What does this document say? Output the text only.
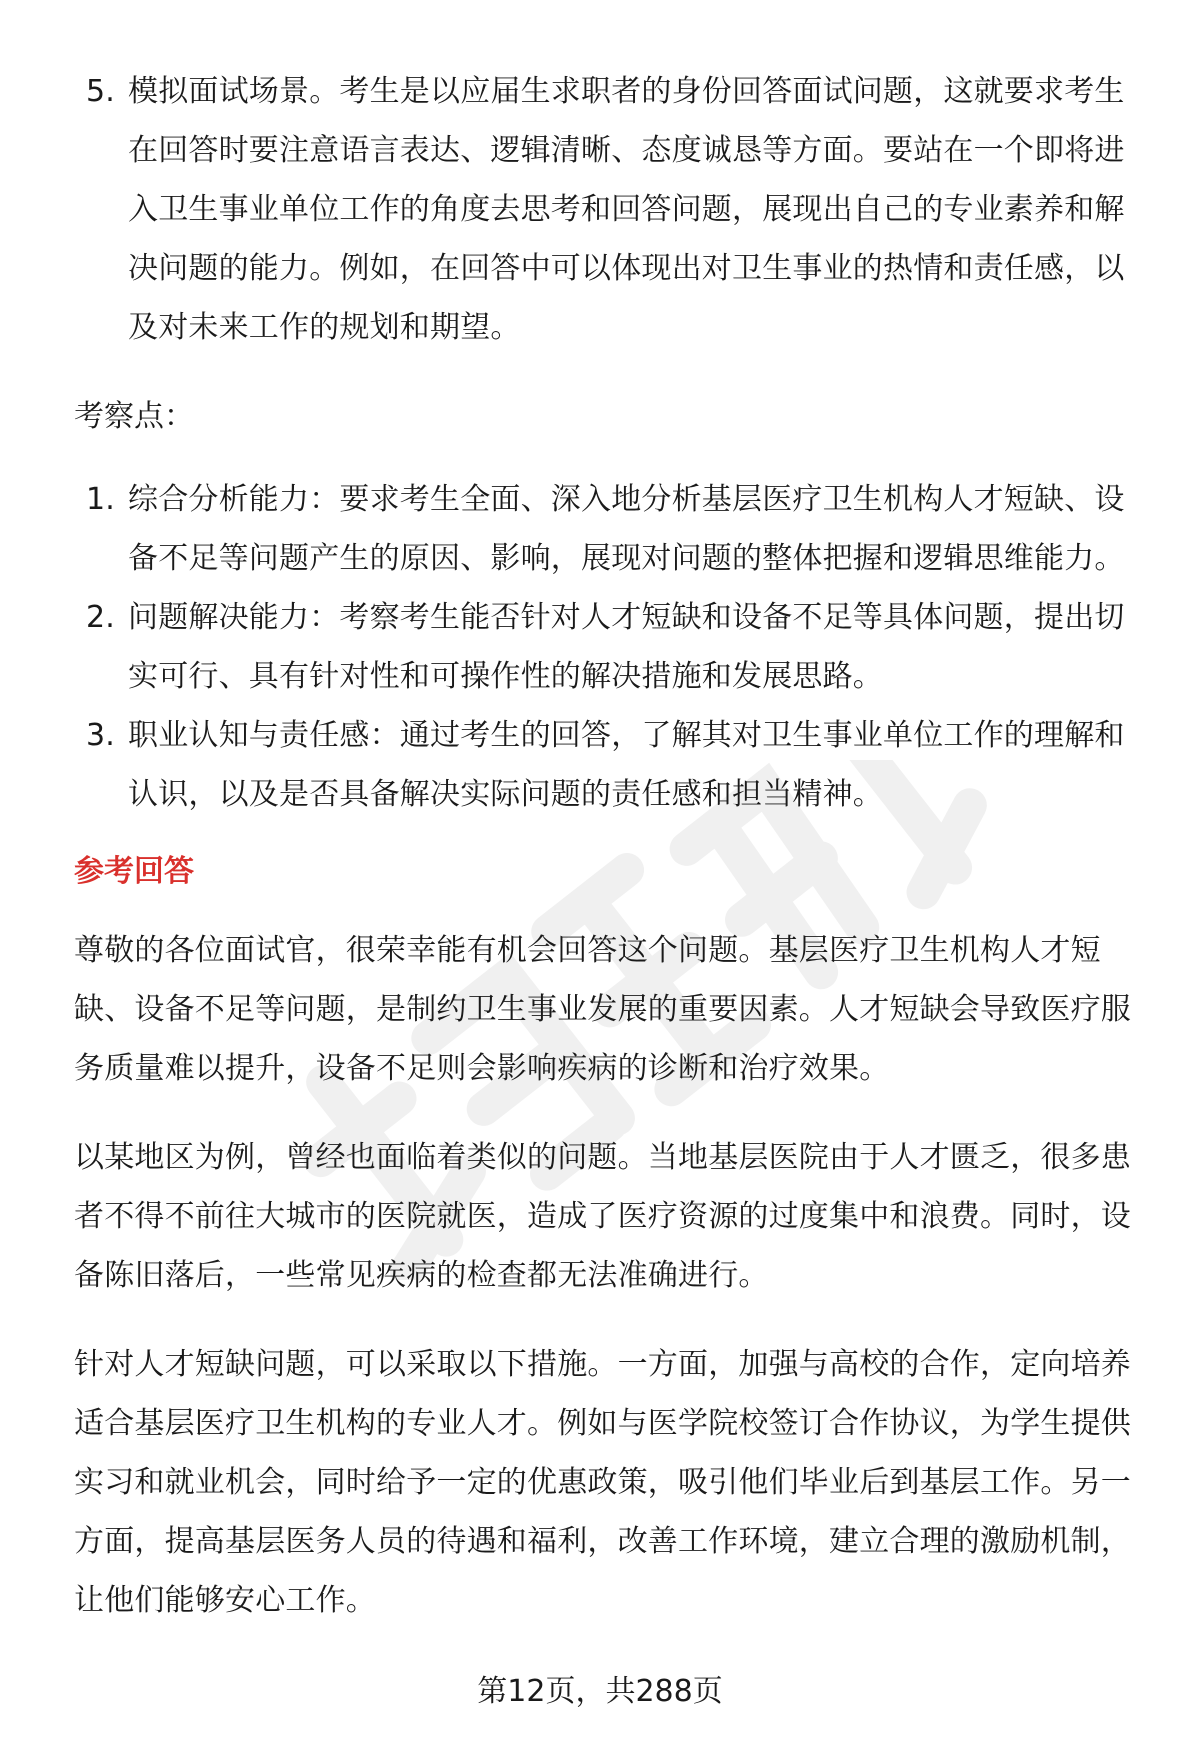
5. 模拟面试场景。考生是以应届生求职者的身份回答面试问题，这就要求考生在回答时要注意语言表达、逻辑清晰、态度诚恳等方面。要站在一个即将进入卫生事业单位工作的角度去思考和回答问题，展现出自己的专业素养和解决问题的能力。例如，在回答中可以体现出对卫生事业的热情和责任感，以及对未来工作的规划和期望。
考察点：
1. 综合分析能力：要求考生全面、深入地分析基层医疗卫生机构人才短缺、设备不足等问题产生的原因、影响，展现对问题的整体把握和逻辑思维能力。
2. 问题解决能力：考察考生能否针对人才短缺和设备不足等具体问题，提出切实可行、具有针对性和可操作性的解决措施和发展思路。
3. 职业认知与责任感：通过考生的回答，了解其对卫生事业单位工作的理解和认识，以及是否具备解决实际问题的责任感和担当精神。
参考回答
尊敬的各位面试官，很荣幸能有机会回答这个问题。基层医疗卫生机构人才短缺、设备不足等问题，是制约卫生事业发展的重要因素。人才短缺会导致医疗服务质量难以提升，设备不足则会影响疾病的诊断和治疗效果。
以某地区为例，曾经也面临着类似的问题。当地基层医院由于人才匮乏，很多患者不得不前往大城市的医院就医，造成了医疗资源的过度集中和浪费。同时，设备陈旧落后，一些常见疾病的检查都无法准确进行。
针对人才短缺问题，可以采取以下措施。一方面，加强与高校的合作，定向培养适合基层医疗卫生机构的专业人才。例如与医学院校签订合作协议，为学生提供实习和就业机会，同时给予一定的优惠政策，吸引他们毕业后到基层工作。另一方面，提高基层医务人员的待遇和福利，改善工作环境，建立合理的激励机制，让他们能够安心工作。
第12页，共288页
